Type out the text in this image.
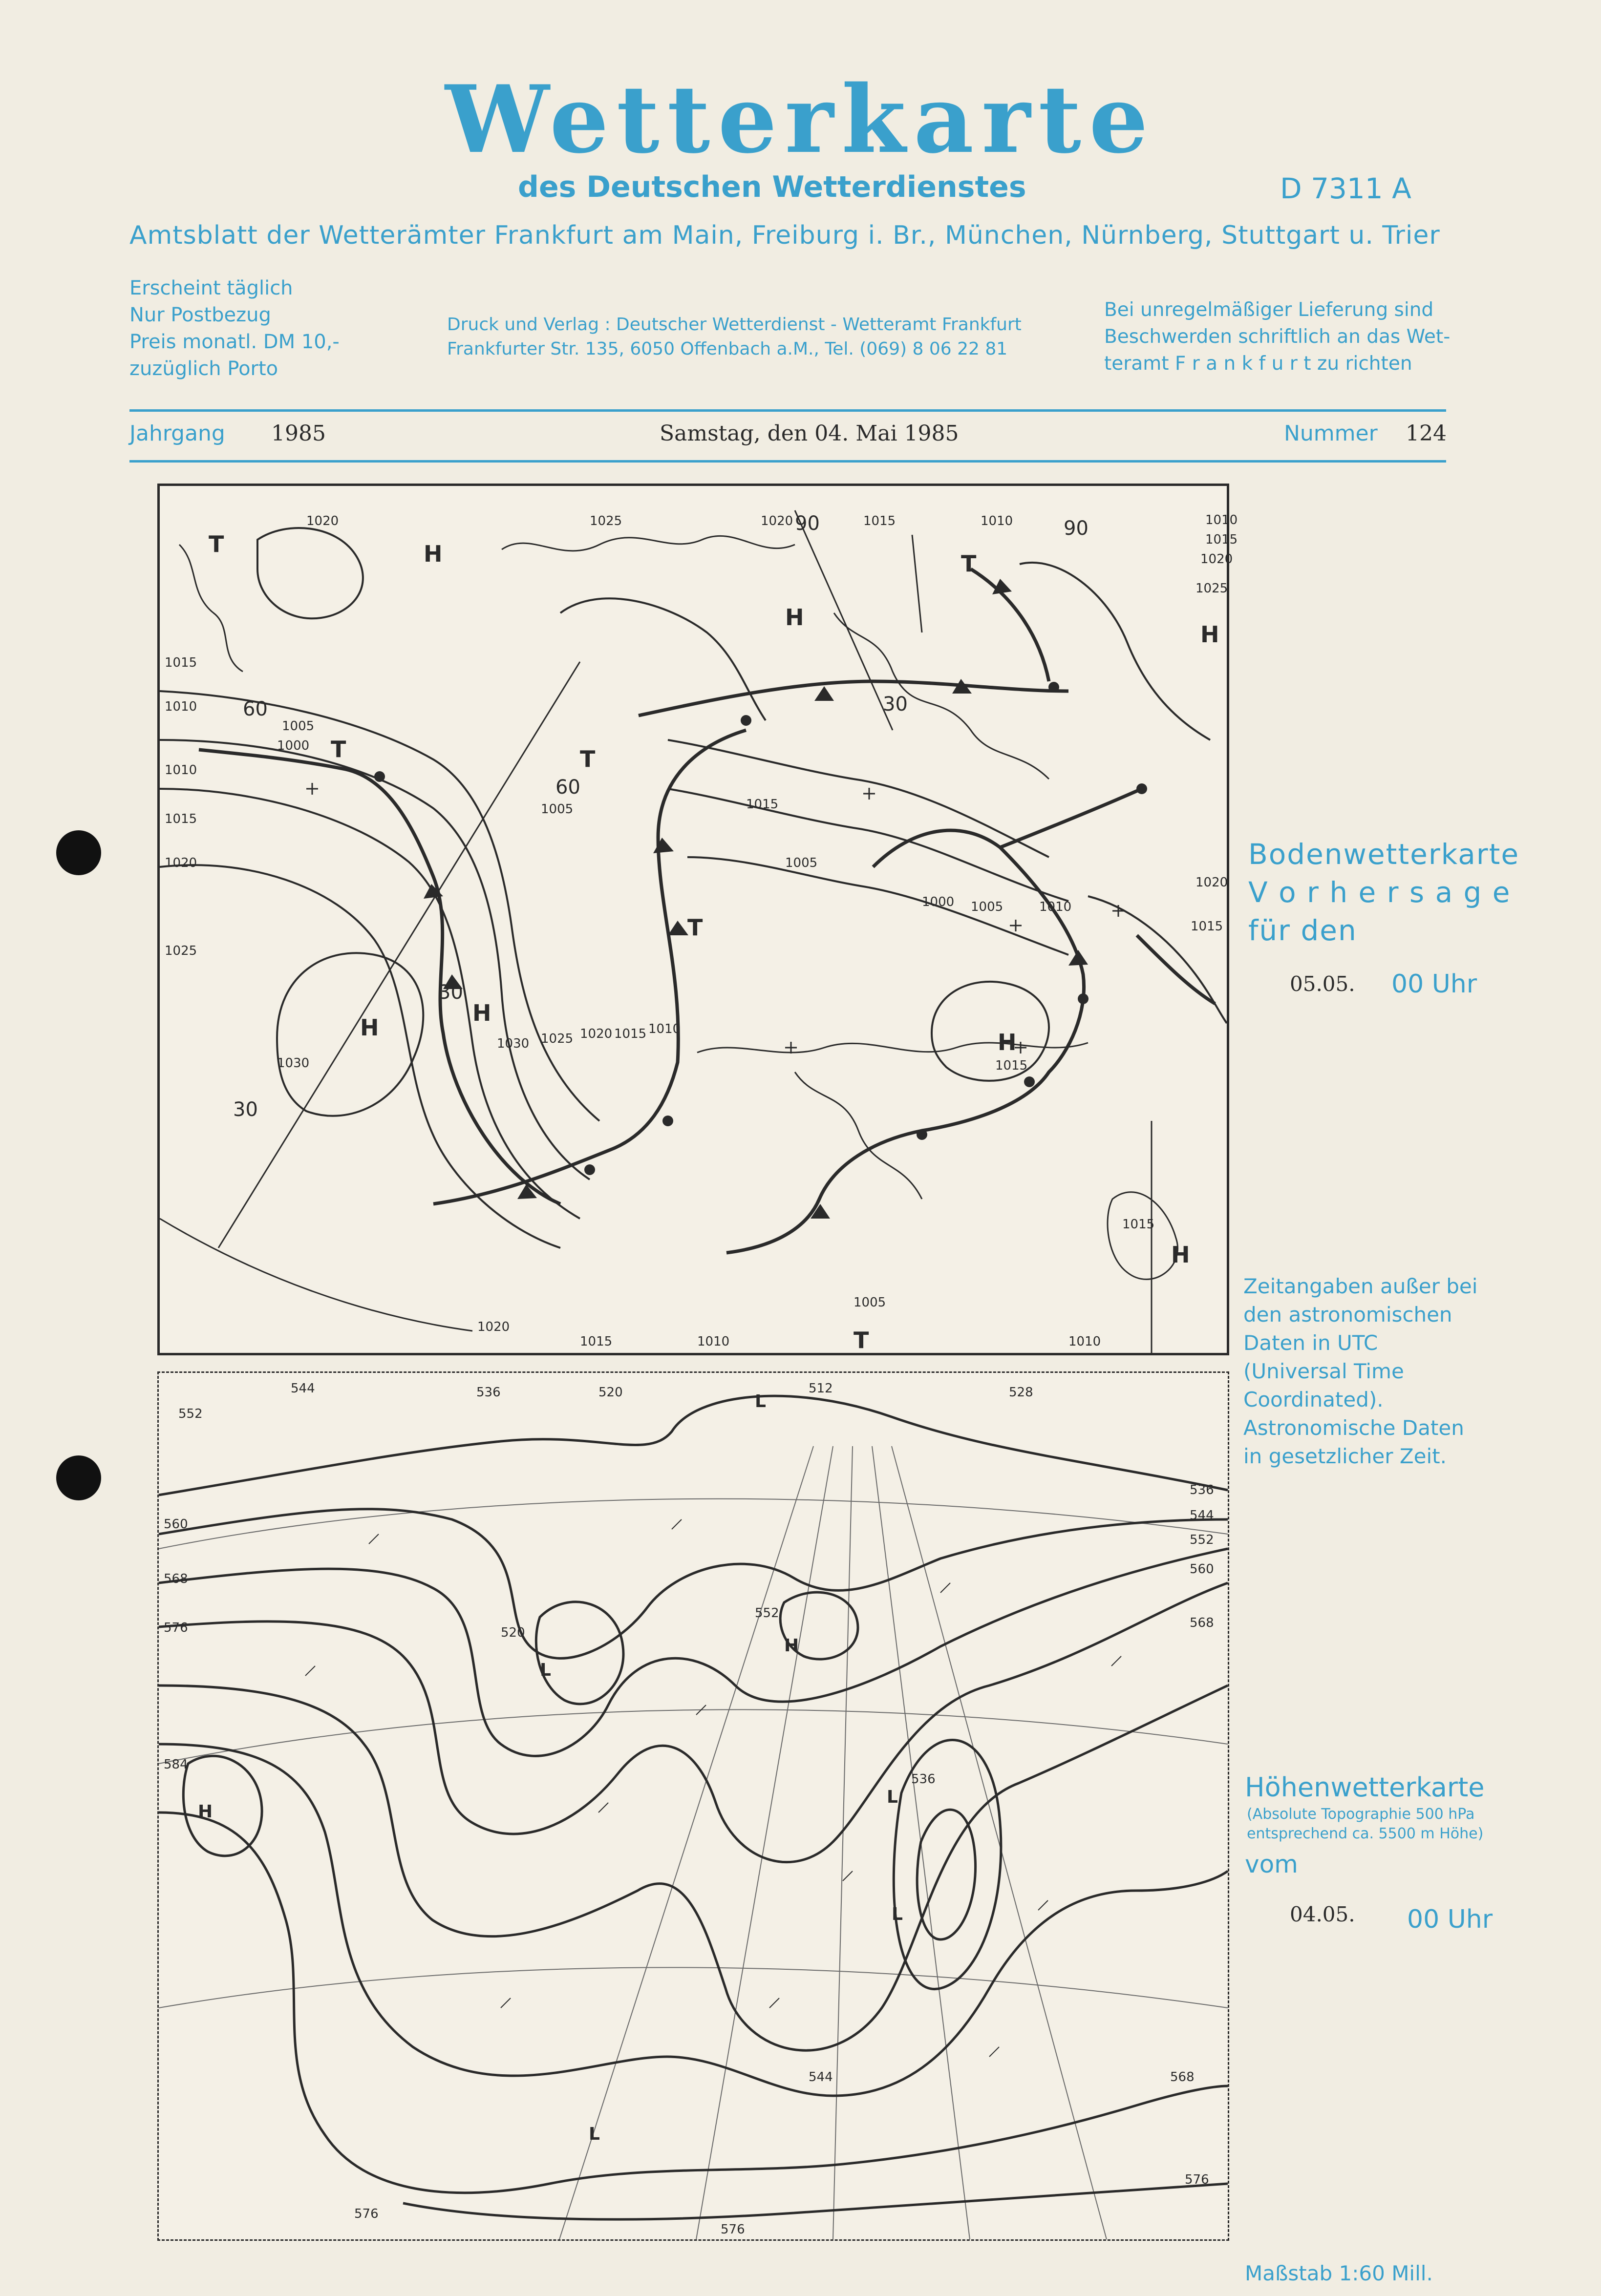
Wetterkarte
des Deutschen Wetterdienstes	D 7311 A
Amtsblatt der Wetterämter Frankfurt am Main, Freiburg i. Br., München, Nürnberg, Stuttgart u. Trier
Erscheint täglich
Nur Postbezug
Preis monatl. DM 10,-
zuzüglich Porto
Druck und Verlag : Deutscher Wetterdienst - Wetteramt Frankfurt
Frankfurter Str. 135, 6050 Offenbach a.M., Tel. (069) 8 06 22 81
Bei unregelmäßiger Lieferung sind
Beschwerden schriftlich an das Wet-
teramt F r a n k f u r t zu richten
Jahrgang 1985	Samstag, den 04. Mai 1985	Nummer 124
1020	1025	1020	1015	1010	1010
1015
1020
1025
1015
1010
1010
1015
1020
1025
1030
1030 1025 1020 1015 1010
1005	1015
1005
1000 1005	1010
1020
1015
1015
1015
1020
1015	1010
1005
1010
1005
1000
60
60
30
30
30
90
90
H
H
H
H
H
H
H
T
T	T
T
T
T
Bodenwetterkarte
V o r h e r s a g e
für den
05.05. 00 Uhr
Zeitangaben außer bei
den astronomischen
Daten in UTC
(Universal Time
Coordinated).
Astronomische Daten
in gesetzlicher Zeit.
512
520	528
536
536
544
544
544
552
552
552
560
560
568
568
568
576
576
576
576
584
520
536
L
L
L
L
L
H
H
Höhenwetterkarte
(Absolute Topographie 500 hPa
entsprechend ca. 5500 m Höhe)
vom
04.05. 00 Uhr
Maßstab 1:60 Mill.
